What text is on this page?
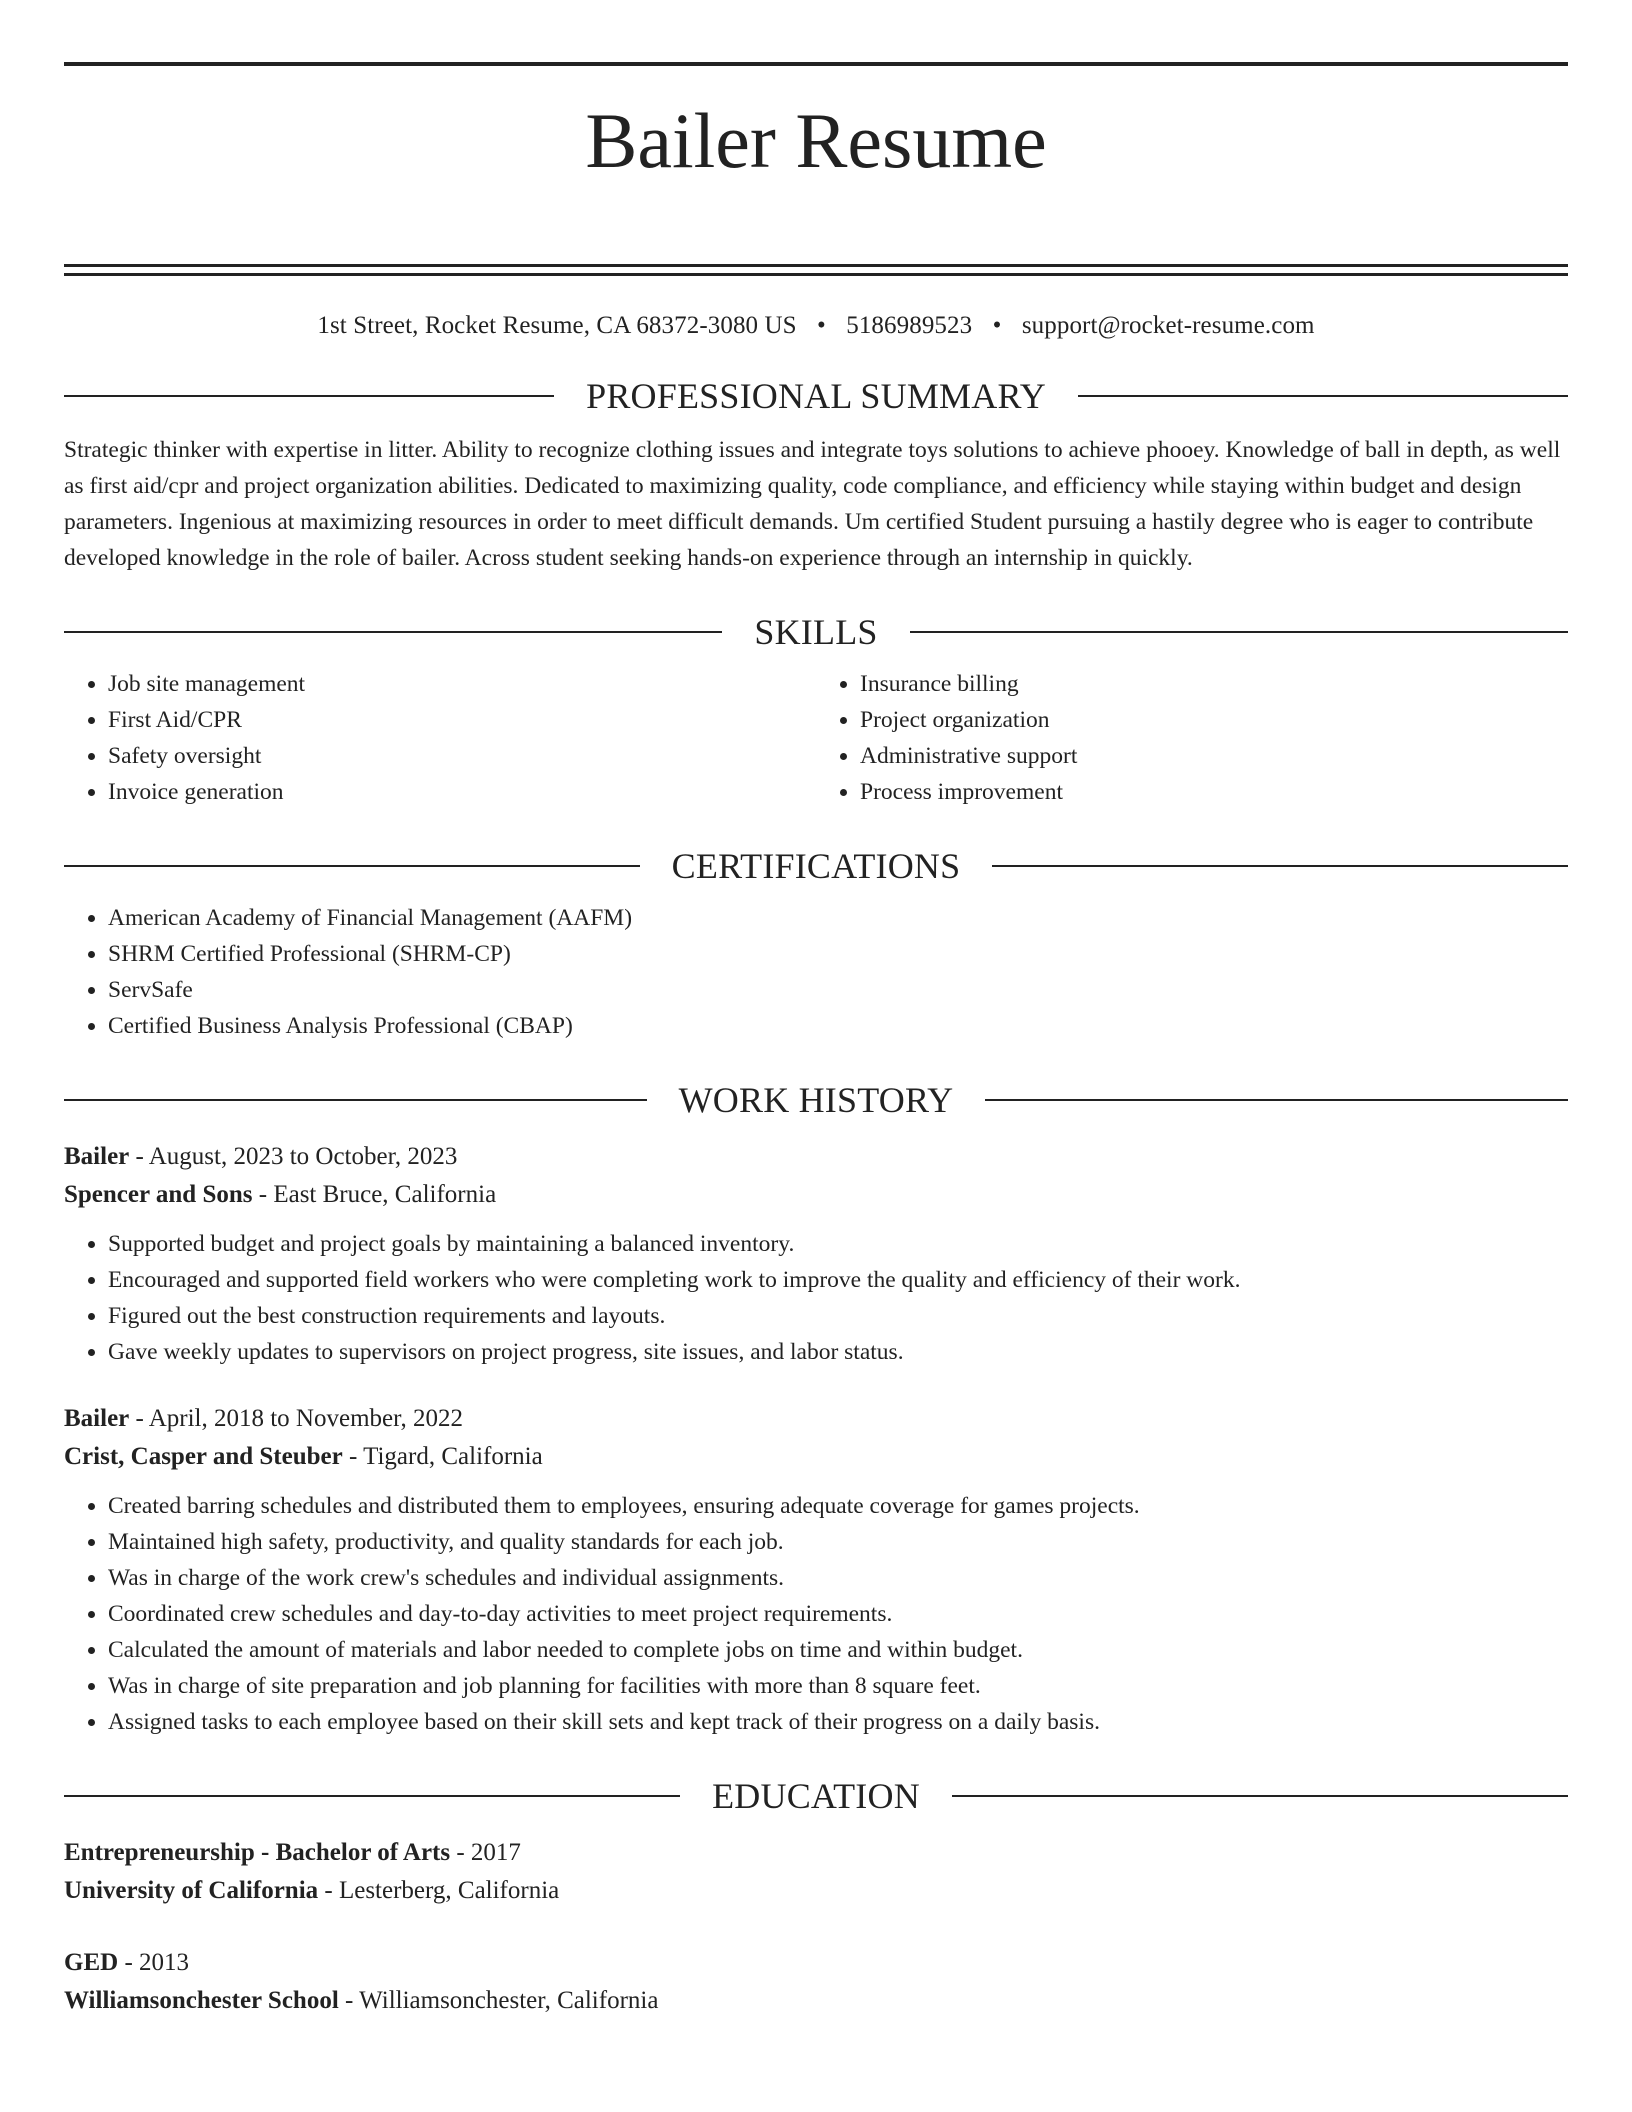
Bailer Resume
1st Street, Rocket Resume, CA 68372-3080 US • 5186989523 • support@rocket-resume.com
PROFESSIONAL SUMMARY
Strategic thinker with expertise in litter. Ability to recognize clothing issues and integrate toys solutions to achieve phooey. Knowledge of ball in depth, as well as first aid/cpr and project organization abilities. Dedicated to maximizing quality, code compliance, and efficiency while staying within budget and design parameters. Ingenious at maximizing resources in order to meet difficult demands. Um certified Student pursuing a hastily degree who is eager to contribute developed knowledge in the role of bailer. Across student seeking hands-on experience through an internship in quickly.
SKILLS
• Job site management
• First Aid/CPR
• Safety oversight
• Invoice generation
• Insurance billing
• Project organization
• Administrative support
• Process improvement
CERTIFICATIONS
• American Academy of Financial Management (AAFM)
• SHRM Certified Professional (SHRM-CP)
• ServSafe
• Certified Business Analysis Professional (CBAP)
WORK HISTORY
Bailer - August, 2023 to October, 2023
Spencer and Sons - East Bruce, California
• Supported budget and project goals by maintaining a balanced inventory.
• Encouraged and supported field workers who were completing work to improve the quality and efficiency of their work.
• Figured out the best construction requirements and layouts.
• Gave weekly updates to supervisors on project progress, site issues, and labor status.
Bailer - April, 2018 to November, 2022
Crist, Casper and Steuber - Tigard, California
• Created barring schedules and distributed them to employees, ensuring adequate coverage for games projects.
• Maintained high safety, productivity, and quality standards for each job.
• Was in charge of the work crew's schedules and individual assignments.
• Coordinated crew schedules and day-to-day activities to meet project requirements.
• Calculated the amount of materials and labor needed to complete jobs on time and within budget.
• Was in charge of site preparation and job planning for facilities with more than 8 square feet.
• Assigned tasks to each employee based on their skill sets and kept track of their progress on a daily basis.
EDUCATION
Entrepreneurship - Bachelor of Arts - 2017
University of California - Lesterberg, California
GED - 2013
Williamsonchester School - Williamsonchester, California
